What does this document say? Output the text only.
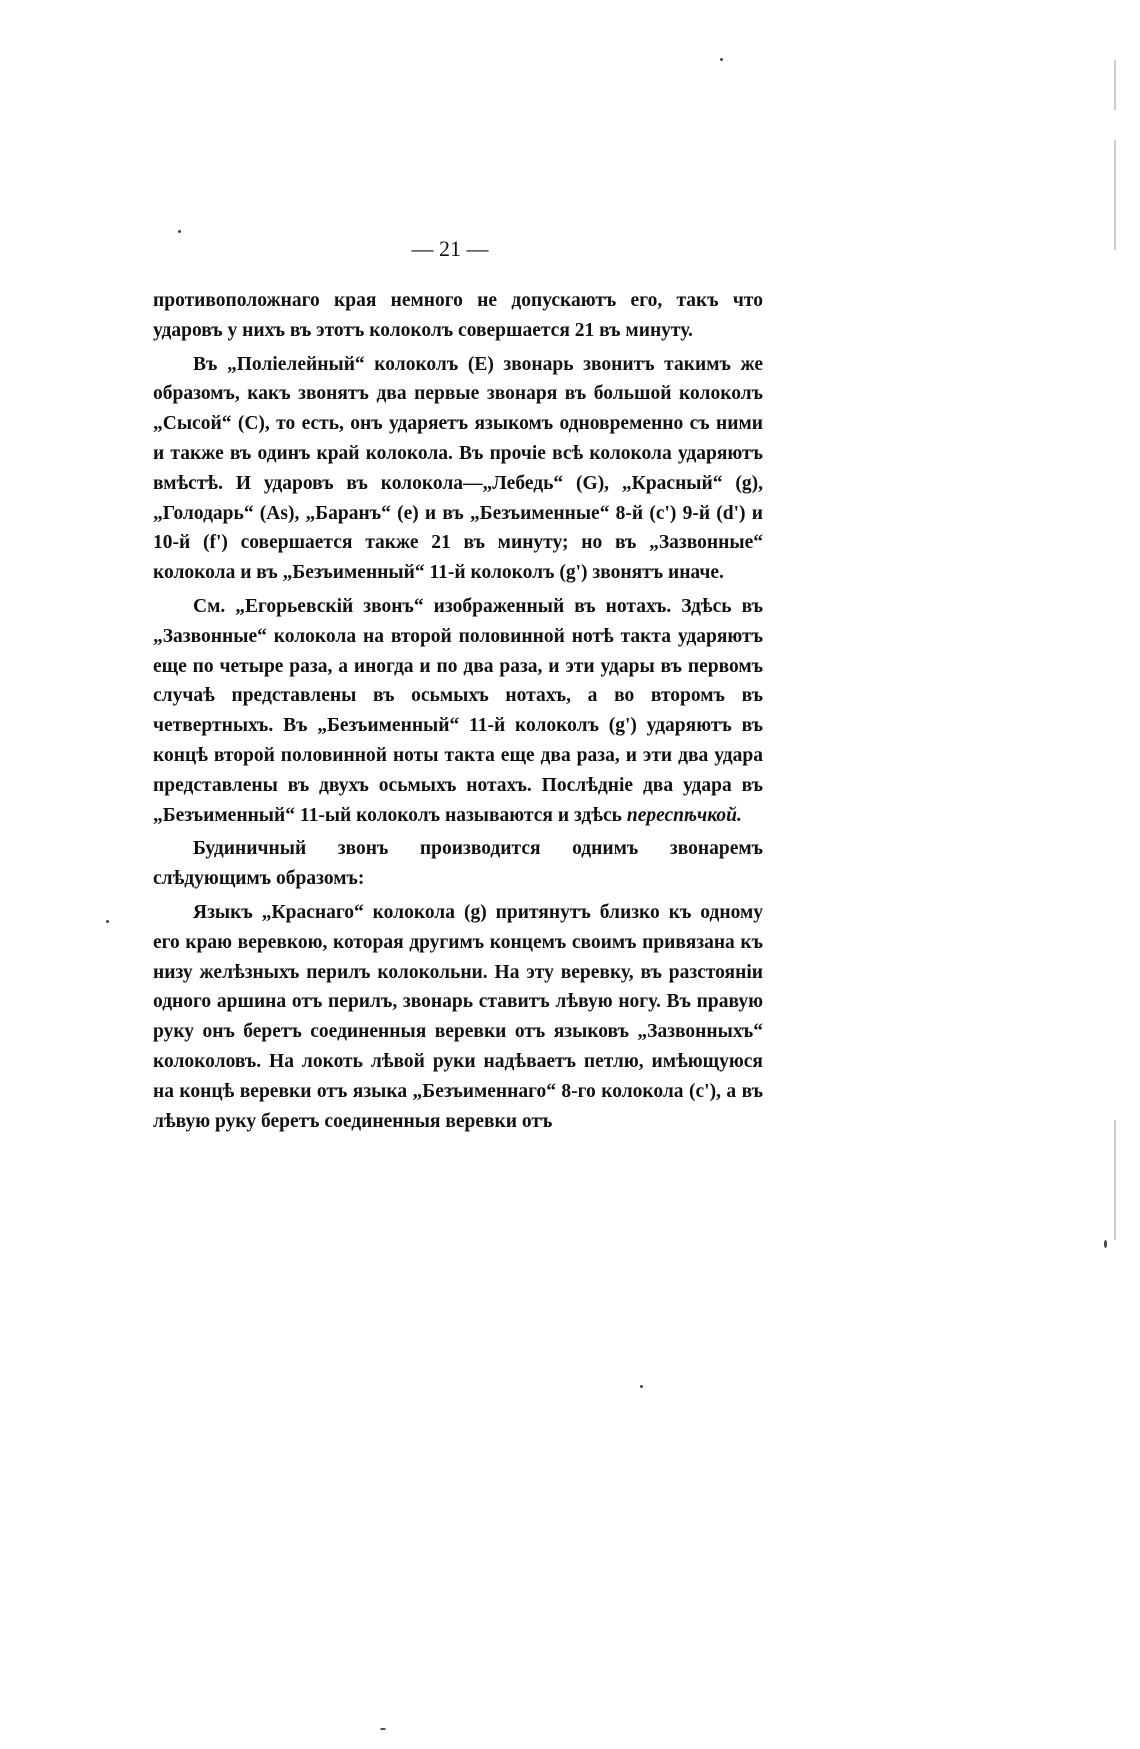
— 21 —

противоположнаго края немного не допускаютъ его, такъ что ударовъ у нихъ въ этотъ колоколъ совершается 21 въ минуту.

Въ „Поліелейный“ колоколъ (E) звонарь звонитъ такимъ же образомъ, какъ звонятъ два первые звонаря въ большой колоколъ „Сысой“ (C), то есть, онъ ударяетъ языкомъ одновременно съ ними и также въ одинъ край колокола. Въ прочіе всѣ колокола ударяютъ вмѣстѣ. И ударовъ въ колокола—„Лебедь“ (G), „Красный“ (g), „Голодарь“ (As), „Баранъ“ (e) и въ „Безъименные“ 8-й (c') 9-й (d') и 10-й (f') совершается также 21 въ минуту; но въ „Зазвонные“ колокола и въ „Безъименный“ 11-й колоколъ (g') звонятъ иначе.

См. „Егорьевскій звонъ“ изображенный въ нотахъ. Здѣсь въ „Зазвонные“ колокола на второй половинной нотѣ такта ударяютъ еще по четыре раза, а иногда и по два раза, и эти удары въ первомъ случаѣ представлены въ осьмыхъ нотахъ, а во второмъ въ четвертныхъ. Въ „Безъименный“ 11-й колоколъ (g') ударяютъ въ концѣ второй половинной ноты такта еще два раза, и эти два удара представлены въ двухъ осьмыхъ нотахъ. Послѣдніе два удара въ „Безъименный“ 11-ый колоколъ называются и здѣсь переспѣчкой.

Будиничный звонъ производится однимъ звонаремъ слѣдующимъ образомъ:

Языкъ „Краснаго“ колокола (g) притянутъ близко къ одному его краю веревкою, которая другимъ концемъ своимъ привязана къ низу желѣзныхъ перилъ колокольни. На эту веревку, въ разстояніи одного аршина отъ перилъ, звонарь ставитъ лѣвую ногу. Въ правую руку онъ беретъ соединенныя веревки отъ языковъ „Зазвонныхъ“ колоколовъ. На локоть лѣвой руки надѣваетъ петлю, имѣющуюся на концѣ веревки отъ языка „Безъименнаго“ 8-го колокола (c'), а въ лѣвую руку беретъ соединенныя веревки отъ
